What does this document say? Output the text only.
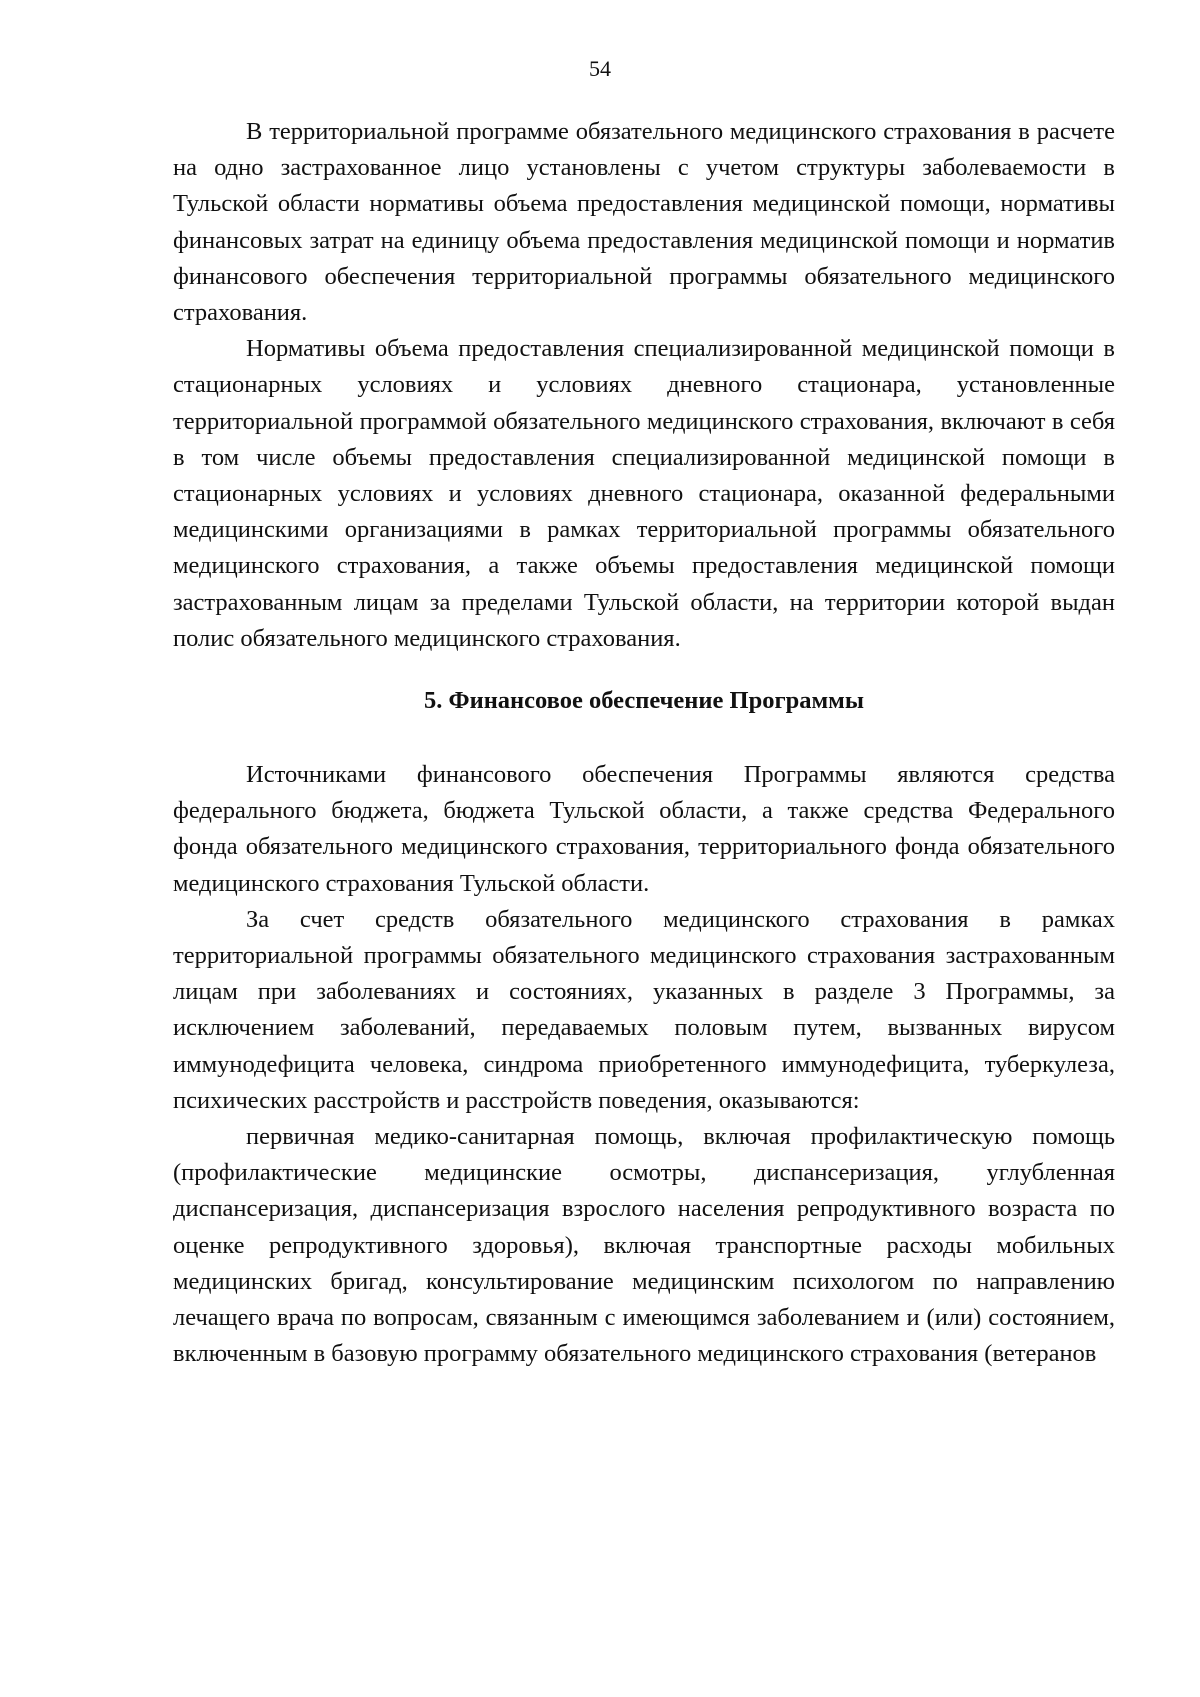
54

В территориальной программе обязательного медицинского страхования в расчете на одно застрахованное лицо установлены с учетом структуры заболеваемости в Тульской области нормативы объема предоставления медицинской помощи, нормативы финансовых затрат на единицу объема предоставления медицинской помощи и норматив финансового обеспечения территориальной программы обязательного медицинского страхования.

Нормативы объема предоставления специализированной медицинской помощи в стационарных условиях и условиях дневного стационара, установленные территориальной программой обязательного медицинского страхования, включают в себя в том числе объемы предоставления специализированной медицинской помощи в стационарных условиях и условиях дневного стационара, оказанной федеральными медицинскими организациями в рамках территориальной программы обязательного медицинского страхования, а также объемы предоставления медицинской помощи застрахованным лицам за пределами Тульской области, на территории которой выдан полис обязательного медицинского страхования.

5. Финансовое обеспечение Программы

Источниками финансового обеспечения Программы являются средства федерального бюджета, бюджета Тульской области, а также средства Федерального фонда обязательного медицинского страхования, территориального фонда обязательного медицинского страхования Тульской области.

За счет средств обязательного медицинского страхования в рамках территориальной программы обязательного медицинского страхования застрахованным лицам при заболеваниях и состояниях, указанных в разделе 3 Программы, за исключением заболеваний, передаваемых половым путем, вызванных вирусом иммунодефицита человека, синдрома приобретенного иммунодефицита, туберкулеза, психических расстройств и расстройств поведения, оказываются:

первичная медико-санитарная помощь, включая профилактическую помощь (профилактические медицинские осмотры, диспансеризация, углубленная диспансеризация, диспансеризация взрослого населения репродуктивного возраста по оценке репродуктивного здоровья), включая транспортные расходы мобильных медицинских бригад, консультирование медицинским психологом по направлению лечащего врача по вопросам, связанным с имеющимся заболеванием и (или) состоянием, включенным в базовую программу обязательного медицинского страхования (ветеранов
